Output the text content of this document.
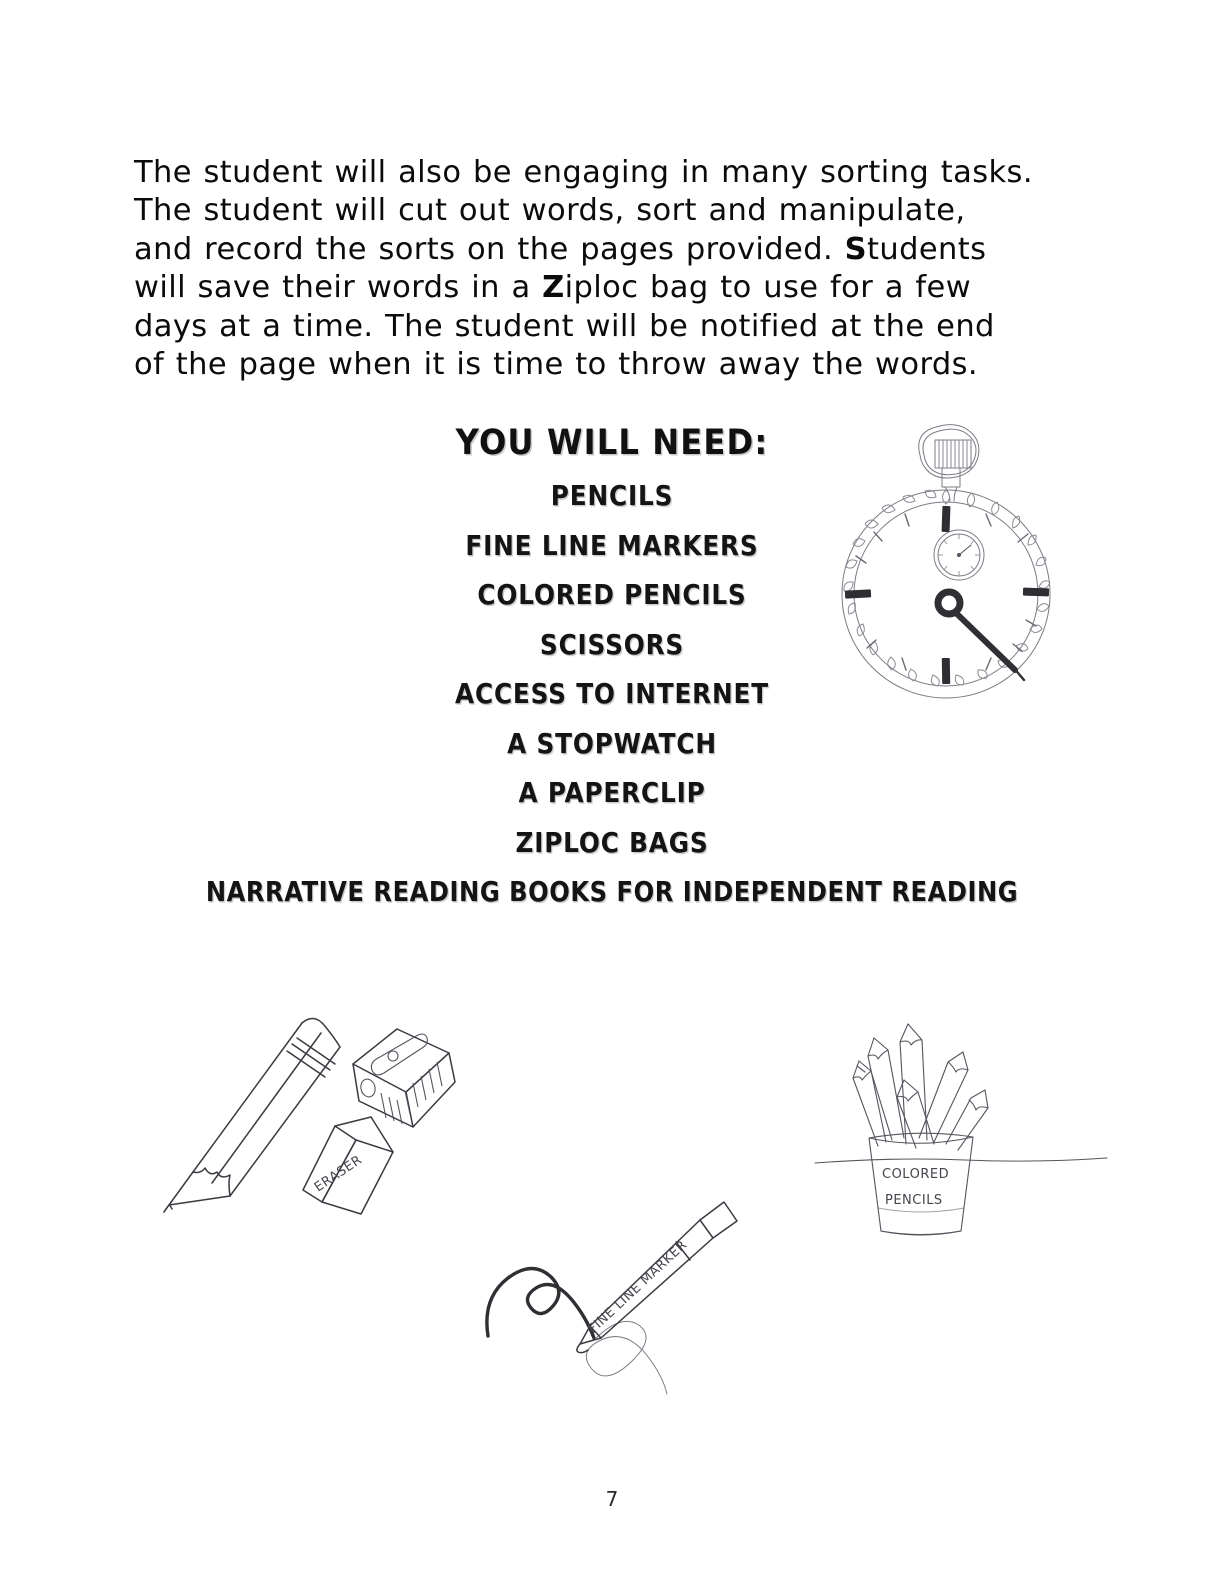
The student will also be engaging in many sorting tasks. The student will cut out words, sort and manipulate, and record the sorts on the pages provided. Students will save their words in a Ziploc bag to use for a few days at a time. The student will be notified at the end of the page when it is time to throw away the words.
YOU WILL NEED:
PENCILS
FINE LINE MARKERS
COLORED PENCILS
SCISSORS
ACCESS TO INTERNET
A STOPWATCH
A PAPERCLIP
ZIPLOC BAGS
NARRATIVE READING BOOKS FOR INDEPENDENT READING
ERASER
FINE LINE MARKER
COLORED
PENCILS
7
